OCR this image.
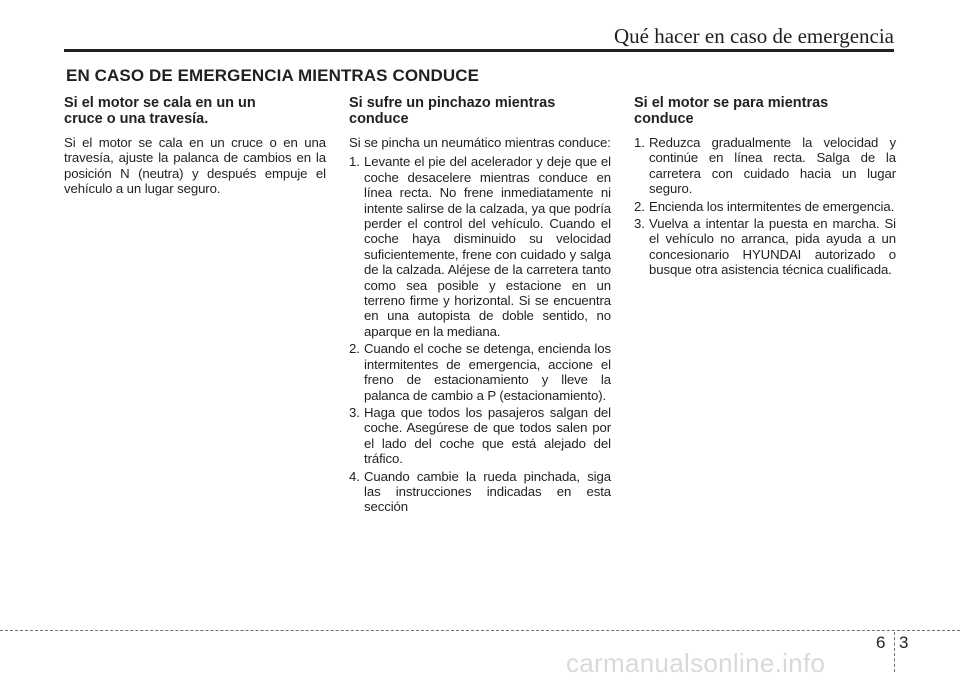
Qué hacer en caso de emergencia
EN CASO DE EMERGENCIA MIENTRAS CONDUCE
Si el motor se cala en un un
cruce o una travesía.

Si el motor se cala en un cruce o en una travesía, ajuste la palanca de cambios en la posición N (neutra) y después empuje el vehículo a un lugar seguro.

Si sufre un pinchazo mientras
conduce

Si se pincha un neumático mientras conduce:

1. Levante el pie del acelerador y deje que el coche desacelere mientras conduce en línea recta. No frene inmediatamente ni intente salirse de la calzada, ya que podría perder el control del vehículo. Cuando el coche haya disminuido su velocidad suficientemente, frene con cuidado y salga de la calzada. Aléjese de la carretera tanto como sea posible y estacione en un terreno firme y horizontal. Si se encuentra en una autopista de doble sentido, no aparque en la mediana.
2. Cuando el coche se detenga, encienda los intermitentes de emergencia, accione el freno de estacionamiento y lleve la palanca de cambio a P (estacionamiento).
3. Haga que todos los pasajeros salgan del coche. Asegúrese de que todos salen por el lado del coche que está alejado del tráfico.
4. Cuando cambie la rueda pinchada, siga las instrucciones indicadas en esta sección
Si el motor se para mientras
conduce
1. Reduzca gradualmente la velocidad y continúe en línea recta. Salga de la carretera con cuidado hacia un lugar seguro.
2. Encienda los intermitentes de emergencia.
3. Vuelva a intentar la puesta en marcha. Si el vehículo no arranca, pida ayuda a un concesionario HYUNDAI autorizado o busque otra asistencia técnica cualificada.
6 3
carmanualsonline.info
